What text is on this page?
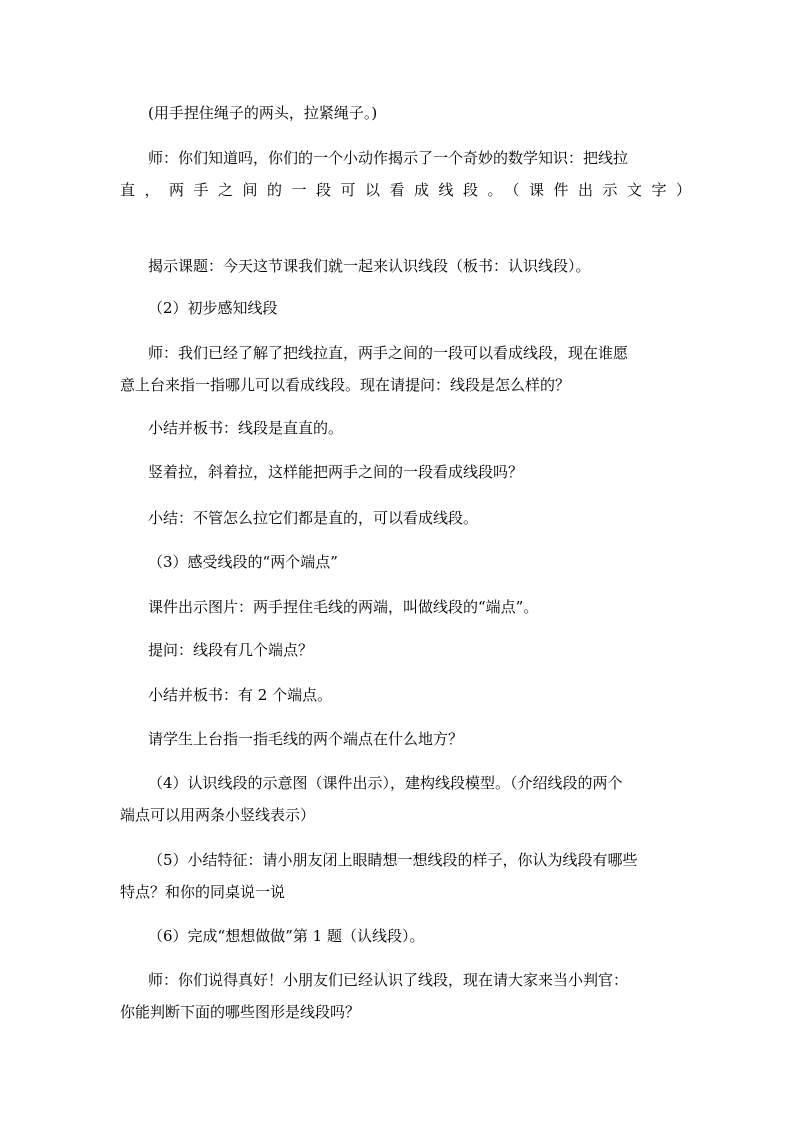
(用手捏住绳子的两头，拉紧绳子。)
师：你们知道吗，你们的一个小动作揭示了一个奇妙的数学知识：把线拉
直，两手之间的一段可以看成线段。（课件出示文字）
揭示课题：今天这节课我们就一起来认识线段（板书：认识线段）。
（2）初步感知线段
师：我们已经了解了把线拉直，两手之间的一段可以看成线段，现在谁愿
意上台来指一指哪儿可以看成线段。现在请提问：线段是怎么样的？
小结并板书：线段是直直的。
竖着拉，斜着拉，这样能把两手之间的一段看成线段吗？
小结：不管怎么拉它们都是直的，可以看成线段。
（3）感受线段的“两个端点”
课件出示图片：两手捏住毛线的两端，叫做线段的“端点”。
提问：线段有几个端点？
小结并板书：有 2 个端点。
请学生上台指一指毛线的两个端点在什么地方？
（4）认识线段的示意图（课件出示），建构线段模型。（介绍线段的两个
端点可以用两条小竖线表示）
（5）小结特征：请小朋友闭上眼睛想一想线段的样子，你认为线段有哪些
特点？和你的同桌说一说
（6）完成“想想做做”第 1 题（认线段）。
师：你们说得真好！小朋友们已经认识了线段，现在请大家来当小判官：
你能判断下面的哪些图形是线段吗？
